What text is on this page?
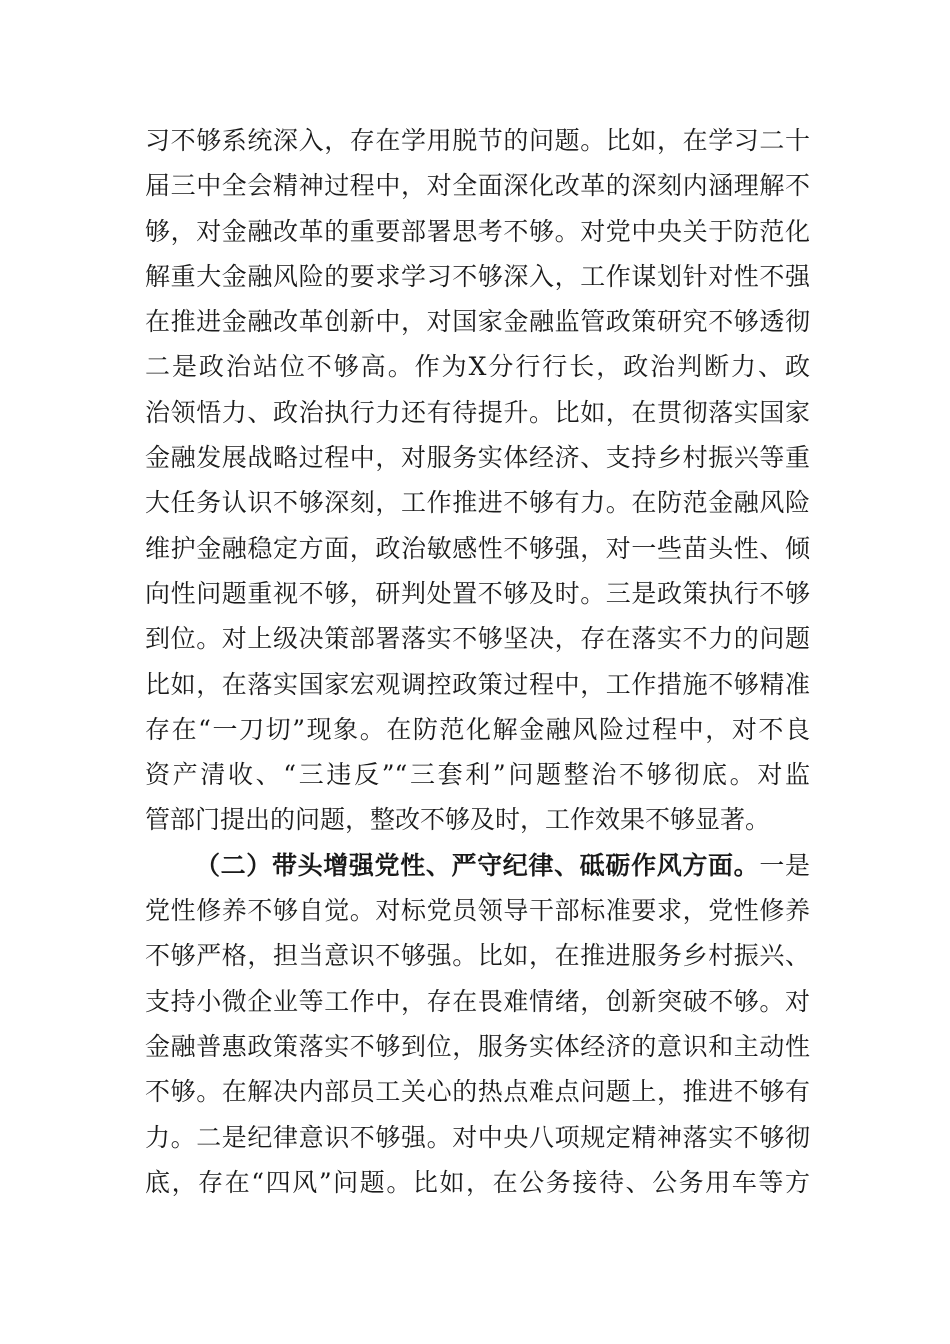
习不够系统深入，存在学用脱节的问题。比如，在学习二十
届三中全会精神过程中，对全面深化改革的深刻内涵理解不
够，对金融改革的重要部署思考不够。对党中央关于防范化
解重大金融风险的要求学习不够深入，工作谋划针对性不强
在推进金融改革创新中，对国家金融监管政策研究不够透彻
二是政治站位不够高。作为X分行行长，政治判断力、政
治领悟力、政治执行力还有待提升。比如，在贯彻落实国家
金融发展战略过程中，对服务实体经济、支持乡村振兴等重
大任务认识不够深刻，工作推进不够有力。在防范金融风险
维护金融稳定方面，政治敏感性不够强，对一些苗头性、倾
向性问题重视不够，研判处置不够及时。三是政策执行不够
到位。对上级决策部署落实不够坚决，存在落实不力的问题
比如，在落实国家宏观调控政策过程中，工作措施不够精准
存在“一刀切”现象。在防范化解金融风险过程中，对不良
资产清收、“三违反”“三套利”问题整治不够彻底。对监
管部门提出的问题，整改不够及时，工作效果不够显著。
（二）带头增强党性、严守纪律、砥砺作风方面。一是
党性修养不够自觉。对标党员领导干部标准要求，党性修养
不够严格，担当意识不够强。比如，在推进服务乡村振兴、
支持小微企业等工作中，存在畏难情绪，创新突破不够。对
金融普惠政策落实不够到位，服务实体经济的意识和主动性
不够。在解决内部员工关心的热点难点问题上，推进不够有
力。二是纪律意识不够强。对中央八项规定精神落实不够彻
底，存在“四风”问题。比如，在公务接待、公务用车等方
